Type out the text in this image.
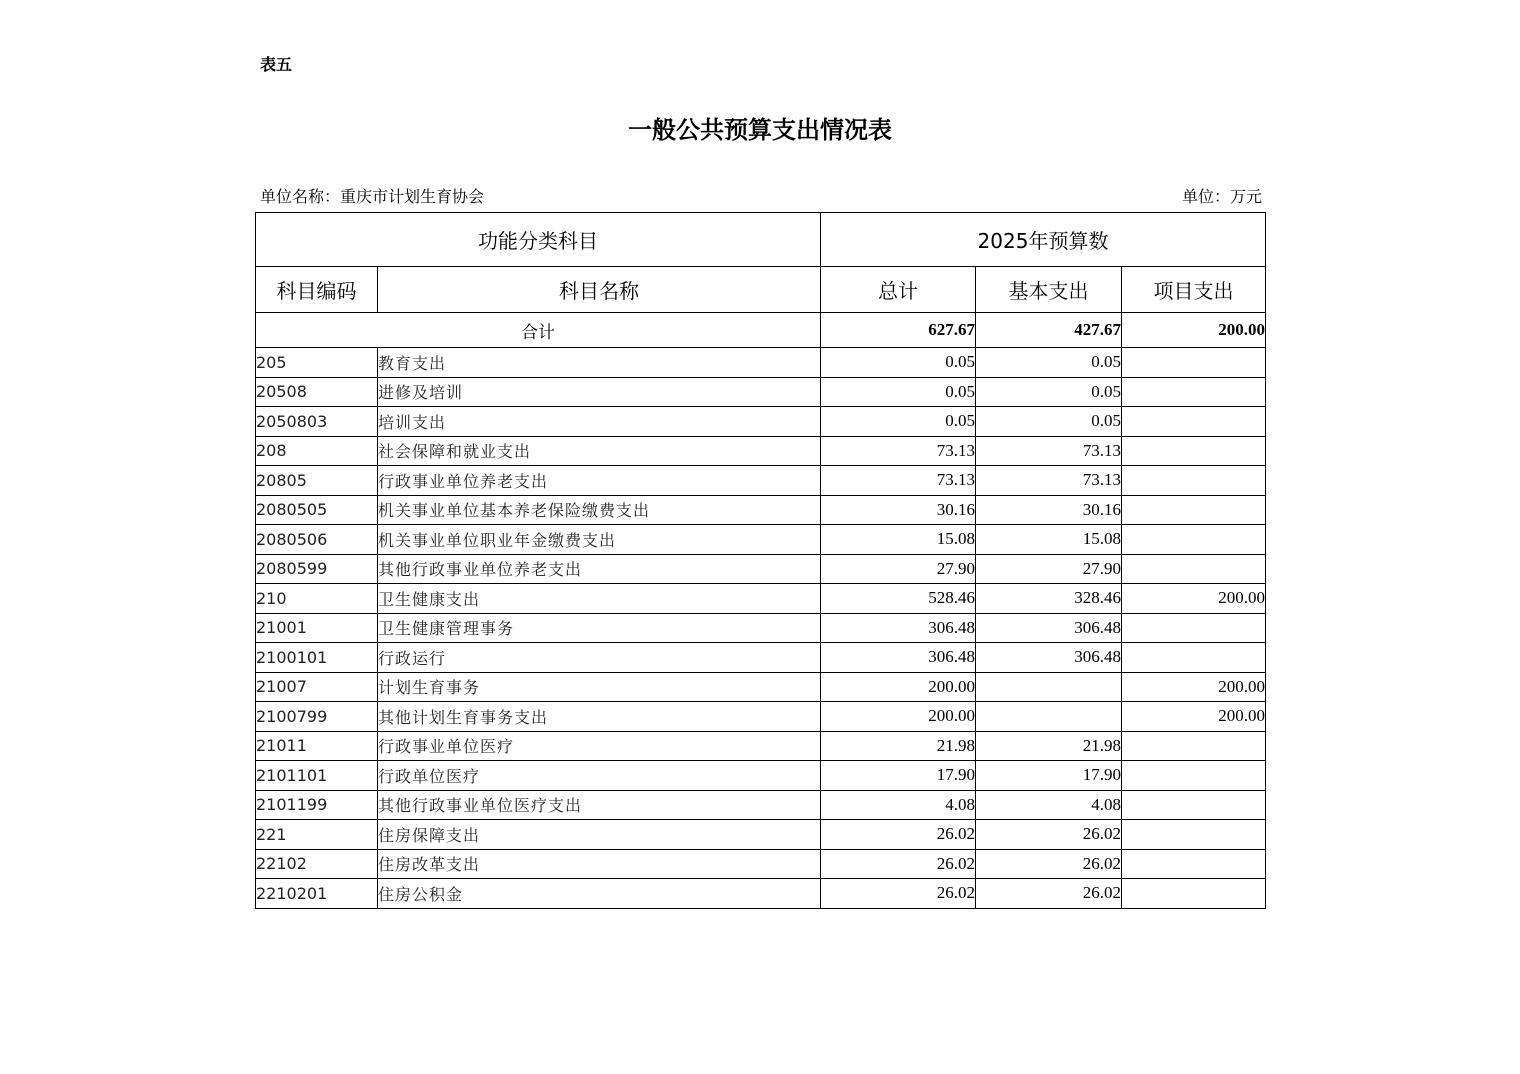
表五
一般公共预算支出情况表
单位名称：重庆市计划生育协会	单位：万元
功能分类科目		2025年预算数		
科目编码	科目名称	总计	基本支出	项目支出
合计		627.67	427.67	200.00
205	教育支出	0.05	0.05	
20508	进修及培训	0.05	0.05	
2050803	培训支出	0.05	0.05	
208	社会保障和就业支出	73.13	73.13	
20805	行政事业单位养老支出	73.13	73.13	
2080505	机关事业单位基本养老保险缴费支出	30.16	30.16	
2080506	机关事业单位职业年金缴费支出	15.08	15.08	
2080599	其他行政事业单位养老支出	27.90	27.90	
210	卫生健康支出	528.46	328.46	200.00
21001	卫生健康管理事务	306.48	306.48	
2100101	行政运行	306.48	306.48	
21007	计划生育事务	200.00		200.00
2100799	其他计划生育事务支出	200.00		200.00
21011	行政事业单位医疗	21.98	21.98	
2101101	行政单位医疗	17.90	17.90	
2101199	其他行政事业单位医疗支出	4.08	4.08	
221	住房保障支出	26.02	26.02	
22102	住房改革支出	26.02	26.02	
2210201	住房公积金	26.02	26.02	
